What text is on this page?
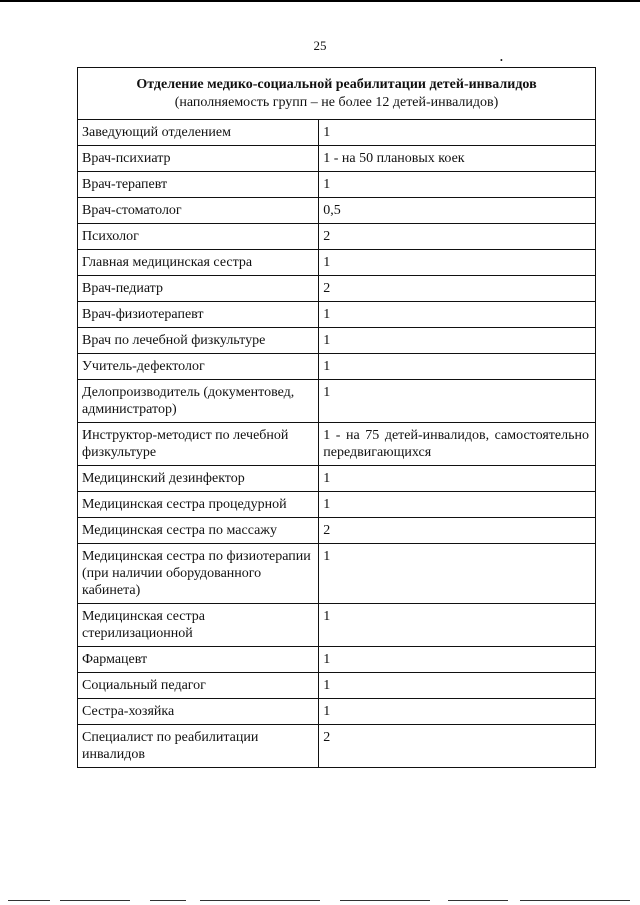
25
•
Отделение медико-социальной реабилитации детей-инвалидов
(наполняемость групп – не более 12 детей-инвалидов)	

Заведующий отделением	1
Врач-психиатр	1 - на 50 плановых коек
Врач-терапевт	1
Врач-стоматолог	0,5
Психолог	2
Главная медицинская сестра	1
Врач-педиатр	2
Врач-физиотерапевт	1
Врач по лечебной физкультуре	1
Учитель-дефектолог	1
Делопроизводитель (документовед, администратор)	1
Инструктор-методист по лечебной физкультуре	1 - на 75 детей-инвалидов, самостоятельно передвигающихся
Медицинский дезинфектор	1
Медицинская сестра процедурной	1
Медицинская сестра по массажу	2
Медицинская сестра по физиотерапии (при наличии оборудованного кабинета)	1
Медицинская сестра стерилизационной	1
Фармацевт	1
Социальный педагог	1
Сестра-хозяйка	1
Специалист по реабилитации инвалидов	2
